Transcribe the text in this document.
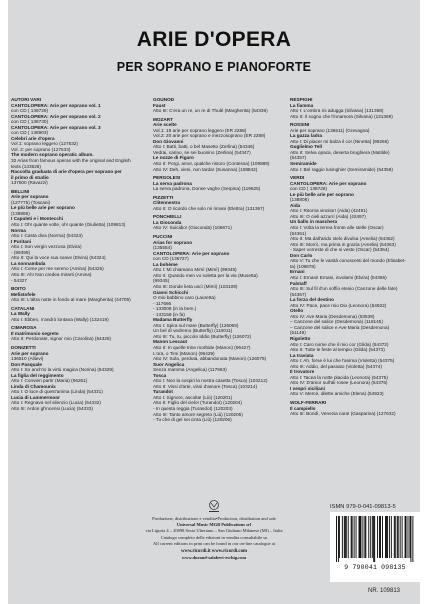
ARIE D'OPERA
PER SOPRANO E PIANOFORTE
AUTORI VARI
CANTOLOPERA: Arie per soprano vol. 1
con CD ( 138729)
CANTOLOPERA: Arie per soprano vol. 2
con CD ( 138730)
CANTOLOPERA: Arie per soprano vol. 3
con CD ( 138903)
Celebri arie d'opera
Vol.1: soprano leggero (127532)
Vol. 2: per soprano (127533)
The modern soprano operatic album.
32 Arias from famous operas with the original and English
texts (133628)
Raccolta graduata di arie d'opera per soprano per
il primo di studio
137600 (Ravazzi)
BELLINI
Arie per soprano
(127775) (Toscani)
Le più belle arie per soprano
(138885)
I Capuleti e i Montecchi
Atto I: Oh! quante volte, oh! quante (Giulietta) (109813)
Norma
Atto I: Casta diva (Norma) (54323)
I Puritani
Atto I: Son vergin vezzosa (Elvira)
- (99399)
Atto II: Qui la voce sua soave (Elvira) (54324)
La sonnambula
Atto I: Come per me sereno (Amina) (54326)
Atto III: Ah! Non credea mirarti (Amina)
- 54327
BOITO
Mefistofele
Atto III: L'altra notte in fondo al mare (Margherita) (44709)
CATALANI
La Wally
Atto I: Ebben, n'andrò lontana (Wally) (132419)
CIMAROSA
Il matrimonio segreto
Atto II: Perdonate, signor mio (Carolina) (54328)
DONIZETTI
Arie per soprano
136510 (Allievi)
Don Pasquale
Atto I: So anch'io la virtù magica (Norina) (54329)
La figlia del reggimento
Atto I: Convien partir (Maria) (96261)
Linda di Chamounix
Atto I: O luce di quest'anima (Linda) (54331)
Lucia di Lammermoor
Atto I: Regnava nel silenzio (Lucia) (54332)
Atto III: Ardon gl'incensi (Lucia) (54333)
GOUNOD
Faust
Atto III: C'era un re, un re di Thulé (Margherita) (54339)
MOZART
Arie scelte
Vol.1: 19 arie per soprano leggero (ER 2288)
Vol.2: 20 arie per soprano e mezzosoprano (ER 2289)
Don Giovanni
Atto I: Batti, batti, o bel Masetto (Zerlina) (54346)
Vedrai, carino, se sei buonino (Zerlina) (54347)
Le nozze di Figaro
Atto II: Porgi, amor, qualche ristoro (Contessa) (109889)
Atto IV: Deh, vieni, non tardar (Susanna) (108842)
PERGOLESI
La serva padrona
La serva padrona, Donne vaghe (Serpina) (119625)
PIZZETTI
Clitennestra
Atto II: O ricordo che solo mi rimani (Elettra) (131367)
PONCHIELLI
La Gioconda
Atto IV: Suicidio! (Gioconda) (106871)
PUCCINI
Arias for soprano
(135584)
CANTOLOPERA: Arie per soprano
con CD (136727)
La bohème
Atto I: Mi chiamano Mimì (Mimì) (99345)
Atto II: Quando men vo soletta per la via (Musetta)
(99345)
Atto III: Donde lieta uscì (Mimì) (103109)
Gianni Schicchi
O mio babbino caro (Lauretta)
- 117666
- 133008 (in la bem.)
- 133158 (in fa)
Madama Butterfly
Atto I: Spira sul mare (Butterfly) (126069)
Un bel dì vedremo (Butterfly) (110011)
Atto III: Tu, tu, piccolo Iddio (Butterfly) (126072)
Manon Lescaut
Atto II: In quelle trine morbide (Manon) (96427)
L'ora, o Tirsi (Manon) (96429)
Atto IV: Sola, perduta, abbandonata (Manon) (126075)
Suor Angelica
Senza mamma (Angelica) (117663)
Tosca
Atto I: Non la sospiri la nostra casetta (Tosca) (103212)
Atto II: Vissi d'arte, vissi d'amore (Tosca) (103214)
Turandot
Atto I: Signore, ascolta! (Liù) (120201)
Atto II: Figlio del cielo! (Turandot) (120204)
- In questa reggia (Turandot) (120203)
Atto III: Tanto amore segreto (Liù) (120205)
- Tu che di gel sei cinta (Liù) (120206)
RESPIGHI
La fiamma
Atto I: L'ombra mi adugga (Silvana) (131368)
Atto II: Il sogno che l'innamora (Silvana) (131369)
ROSSINI
Arie per soprano (136511) (Grevagna)
La gazza ladra
Atto I: Di piacer mi balza il cor (Ninetta) (99266)
Guglielmo Tell
Atto II: Selva opaca, deserta brughiera (Matilde)
(54357)
Semiramide
Atto I: Bel raggio lusinghier (Semiramide) (54359)
VERDI
CANTOLOPERA: Arie per soprano
con CD ( 138728)
Le più belle arie per soprano
(138808)
Aida
Atto I: Ritorna vincitor! (Aida) (42491)
Atto III: O cieli azzurri (Aida) (42497)
Un ballo in maschera
Atto I: Volta la terrea fronte alle stelle (Oscar)
(54361)
Atto II: Ma dall'arido stelo divulsa (Amelia) (54362)
Atto III: Morrò, ma prima in grazia (Amelia) (54363)
- Saper vorreste di che si veste (Oscar) (54364)
Don Carlo
Atto V: Tu che le vanità conoscesti del mondo (Elisabet-
ta) (109878)
Ernani
Atto I: Ernani! Ernani, involami (Elvira) (54366)
Falstaff
Atto III: Sul fil d'un soffio etesio (Canzone delle fate)
(54367)
La forza del destino
Atto IV: Pace, pace mio Dio (Leonora) (54922)
Otello
Atto IV: Ave Maria (Desdemona) (53539)
– Canzone del salice (Desdemona) (118145)
– Canzone del salice e Ave Maria (Desdemona)
(51149)
Rigoletto
Atto I: Caro nome che il mio cor (Gilda) (54372)
Atto II: Tutte le feste al tempio (Gilda) (54373)
La traviata
Atto I: Ah, forse è lui che l'anima (Violetta) (54375)
Atto III: Addio, del passato (Violetta) (54374)
Il trovatore
Atto I: Tacea la notte placida (Leonora) (54375)
Atto IV: D'amor sull'ali rosee (Leonora) (54376)
I vespri siciliani
Atto V: Mercé, dilette amiche (Elena) (54923)
WOLF-FERRARI
Il campiello
Atto III: Bondì, Venezia cara! (Gasparina) (127632)
Produzione, distribuzione e vendita•Production, distribution and sale
Universal Music MGB Publications srl
via Liguria 4 – 20098 Sesto Ulteriano – San Giuliano Milanese (MI) – Italia
Catalogo completo delle edizioni in vendita consultabile su
All current editions in print can be found in our on-line catalogue at
www.ricordi.it www.ricordi.com
www.durand-salabert-eschig.com
ISMN 979-0-041-09813-5
9 790041 098135
NR. 109813
